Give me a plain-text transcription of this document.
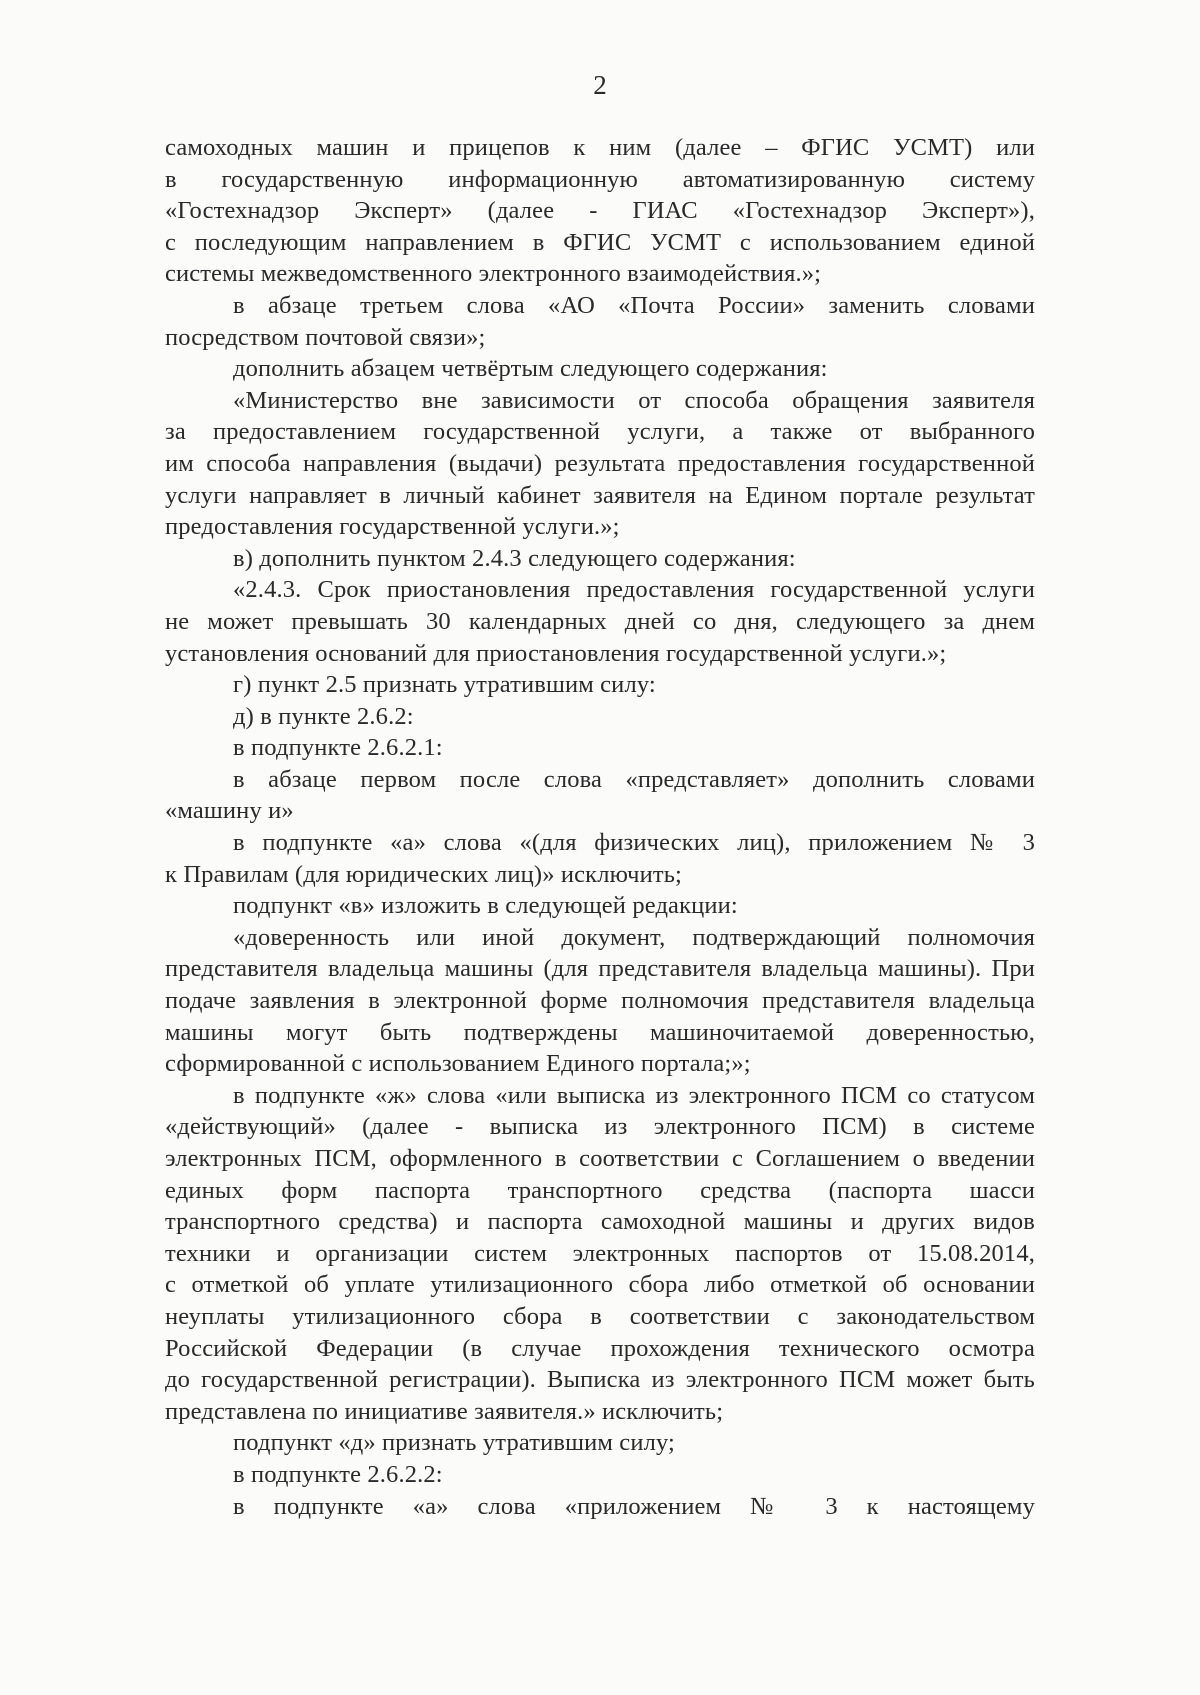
2
самоходных машин и прицепов к ним (далее – ФГИС УСМТ) или
в государственную информационную автоматизированную систему
«Гостехнадзор Эксперт» (далее - ГИАС «Гостехнадзор Эксперт»),
с последующим направлением в ФГИС УСМТ с использованием единой
системы межведомственного электронного взаимодействия.»;
в абзаце третьем слова «АО «Почта России» заменить словами
посредством почтовой связи»;
дополнить абзацем четвёртым следующего содержания:
«Министерство вне зависимости от способа обращения заявителя
за предоставлением государственной услуги, а также от выбранного
им способа направления (выдачи) результата предоставления государственной
услуги направляет в личный кабинет заявителя на Едином портале результат
предоставления государственной услуги.»;
в) дополнить пунктом 2.4.3 следующего содержания:
«2.4.3. Срок приостановления предоставления государственной услуги
не может превышать 30 календарных дней со дня, следующего за днем
установления оснований для приостановления государственной услуги.»;
г) пункт 2.5 признать утратившим силу:
д) в пункте 2.6.2:
в подпункте 2.6.2.1:
в абзаце первом после слова «представляет» дополнить словами
«машину и»
в подпункте «а» слова «(для физических лиц), приложением № 3
к Правилам (для юридических лиц)» исключить;
подпункт «в» изложить в следующей редакции:
«доверенность или иной документ, подтверждающий полномочия
представителя владельца машины (для представителя владельца машины). При
подаче заявления в электронной форме полномочия представителя владельца
машины могут быть подтверждены машиночитаемой доверенностью,
сформированной с использованием Единого портала;»;
в подпункте «ж» слова «или выписка из электронного ПСМ со статусом
«действующий» (далее - выписка из электронного ПСМ) в системе
электронных ПСМ, оформленного в соответствии с Соглашением о введении
единых форм паспорта транспортного средства (паспорта шасси
транспортного средства) и паспорта самоходной машины и других видов
техники и организации систем электронных паспортов от 15.08.2014,
с отметкой об уплате утилизационного сбора либо отметкой об основании
неуплаты утилизационного сбора в соответствии с законодательством
Российской Федерации (в случае прохождения технического осмотра
до государственной регистрации). Выписка из электронного ПСМ может быть
представлена по инициативе заявителя.» исключить;
подпункт «д» признать утратившим силу;
в подпункте 2.6.2.2:
в подпункте «а» слова «приложением № 3 к настоящему
